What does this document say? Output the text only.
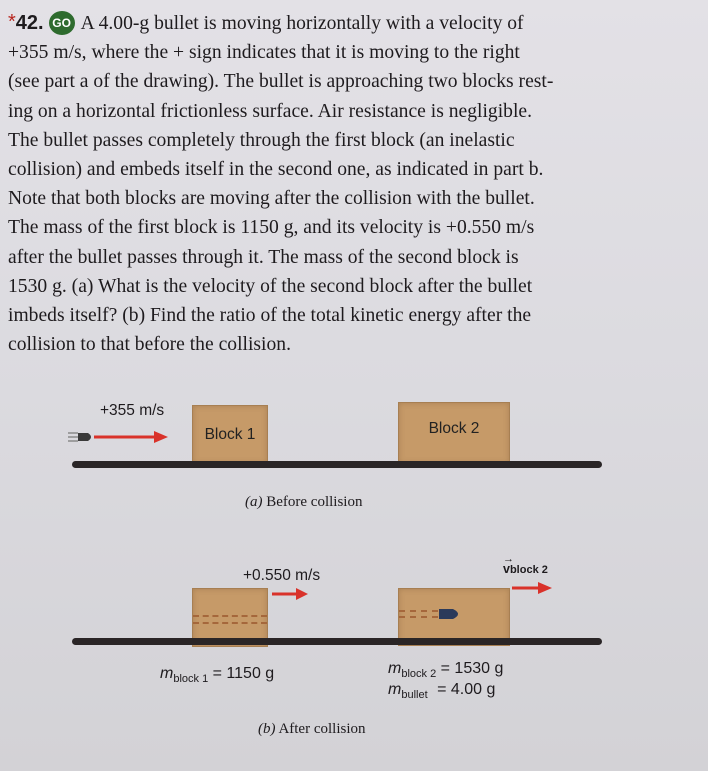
*42. GO A 4.00-g bullet is moving horizontally with a velocity of
+355 m/s, where the + sign indicates that it is moving to the right
(see part a of the drawing). The bullet is approaching two blocks rest-
ing on a horizontal frictionless surface. Air resistance is negligible.
The bullet passes completely through the first block (an inelastic
collision) and embeds itself in the second one, as indicated in part b.
Note that both blocks are moving after the collision with the bullet.
The mass of the first block is 1150 g, and its velocity is +0.550 m/s
after the bullet passes through it. The mass of the second block is
1530 g. (a) What is the velocity of the second block after the bullet
imbeds itself? (b) Find the ratio of the total kinetic energy after the
collision to that before the collision.
+355 m/s
Block 1	Block 2
(a) Before collision
+0.550 m/s
→
vblock 2
$m_{block 1} = 1150$ g	$m_{block 2} = 1530$ g
$m_{bullet} = 4.00$ g
(b) After collision
